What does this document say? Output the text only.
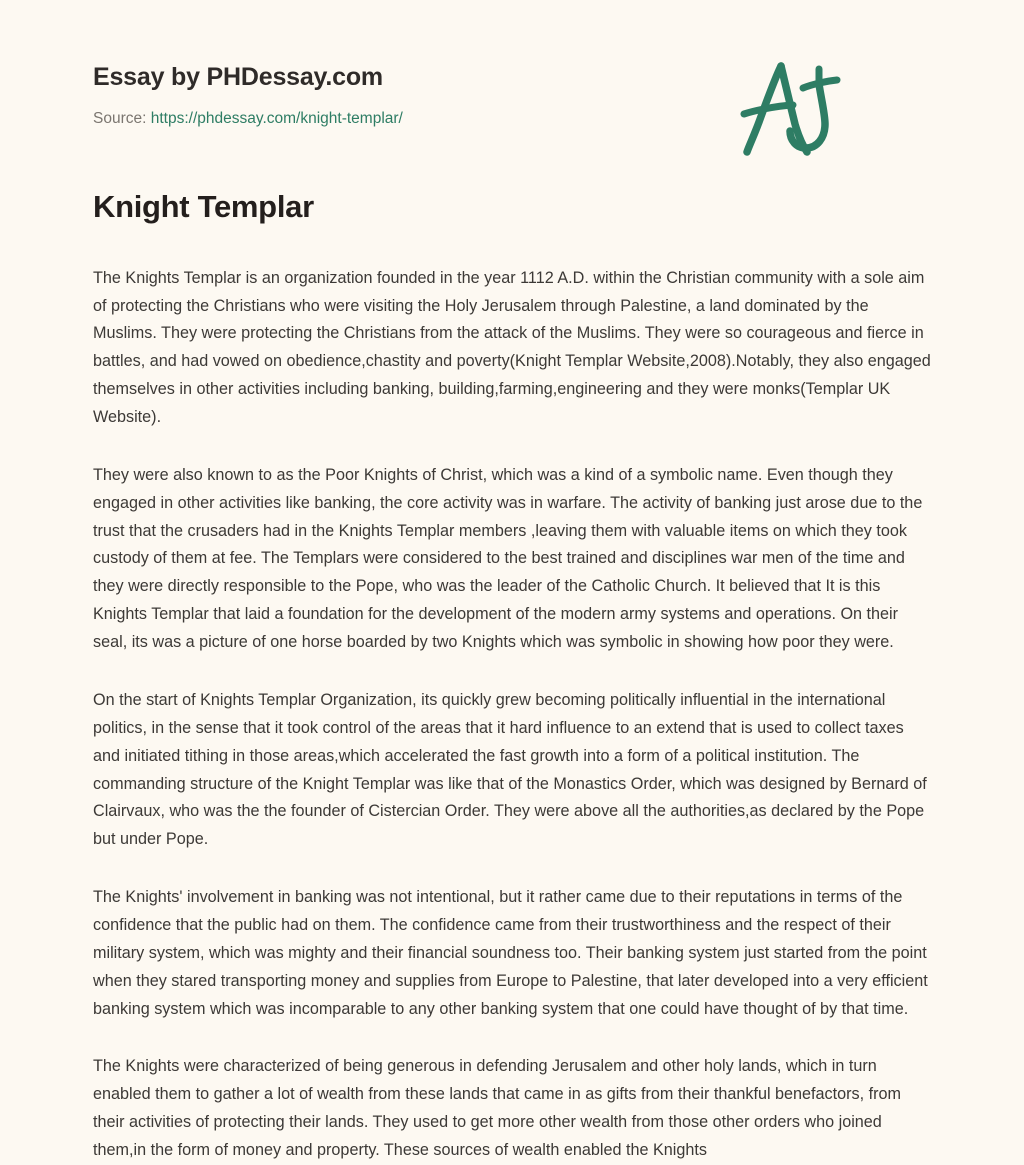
Essay by PHDessay.com
Source: https://phdessay.com/knight-templar/
Knight Templar

The Knights Templar is an organization founded in the year 1112 A.D. within the Christian community with a sole aim of protecting the Christians who were visiting the Holy Jerusalem through Palestine, a land dominated by the Muslims. They were protecting the Christians from the attack of the Muslims. They were so courageous and fierce in battles, and had vowed on obedience,chastity and poverty(Knight Templar Website,2008).Notably, they also engaged themselves in other activities including banking, building,farming,engineering and they were monks(Templar UK Website).

They were also known to as the Poor Knights of Christ, which was a kind of a symbolic name. Even though they engaged in other activities like banking, the core activity was in warfare. The activity of banking just arose due to the trust that the crusaders had in the Knights Templar members ,leaving them with valuable items on which they took custody of them at fee. The Templars were considered to the best trained and disciplines war men of the time and they were directly responsible to the Pope, who was the leader of the Catholic Church. It believed that It is this Knights Templar that laid a foundation for the development of the modern army systems and operations. On their seal, its was a picture of one horse boarded by two Knights which was symbolic in showing how poor they were.

On the start of Knights Templar Organization, its quickly grew becoming politically influential in the international politics, in the sense that it took control of the areas that it hard influence to an extend that is used to collect taxes and initiated tithing in those areas,which accelerated the fast growth into a form of a political institution. The commanding structure of the Knight Templar was like that of the Monastics Order, which was designed by Bernard of Clairvaux, who was the the founder of Cistercian Order. They were above all the authorities,as declared by the Pope but under Pope.

The Knights' involvement in banking was not intentional, but it rather came due to their reputations in terms of the confidence that the public had on them. The confidence came from their trustworthiness and the respect of their military system, which was mighty and their financial soundness too. Their banking system just started from the point when they stared transporting money and supplies from Europe to Palestine, that later developed into a very efficient banking system which was incomparable to any other banking system that one could have thought of by that time.

The Knights were characterized of being generous in defending Jerusalem and other holy lands, which in turn enabled them to gather a lot of wealth from these lands that came in as gifts from their thankful benefactors, from their activities of protecting their lands. They used to get more other wealth from those other orders who joined them,in the form of money and property. These sources of wealth enabled the Knights
